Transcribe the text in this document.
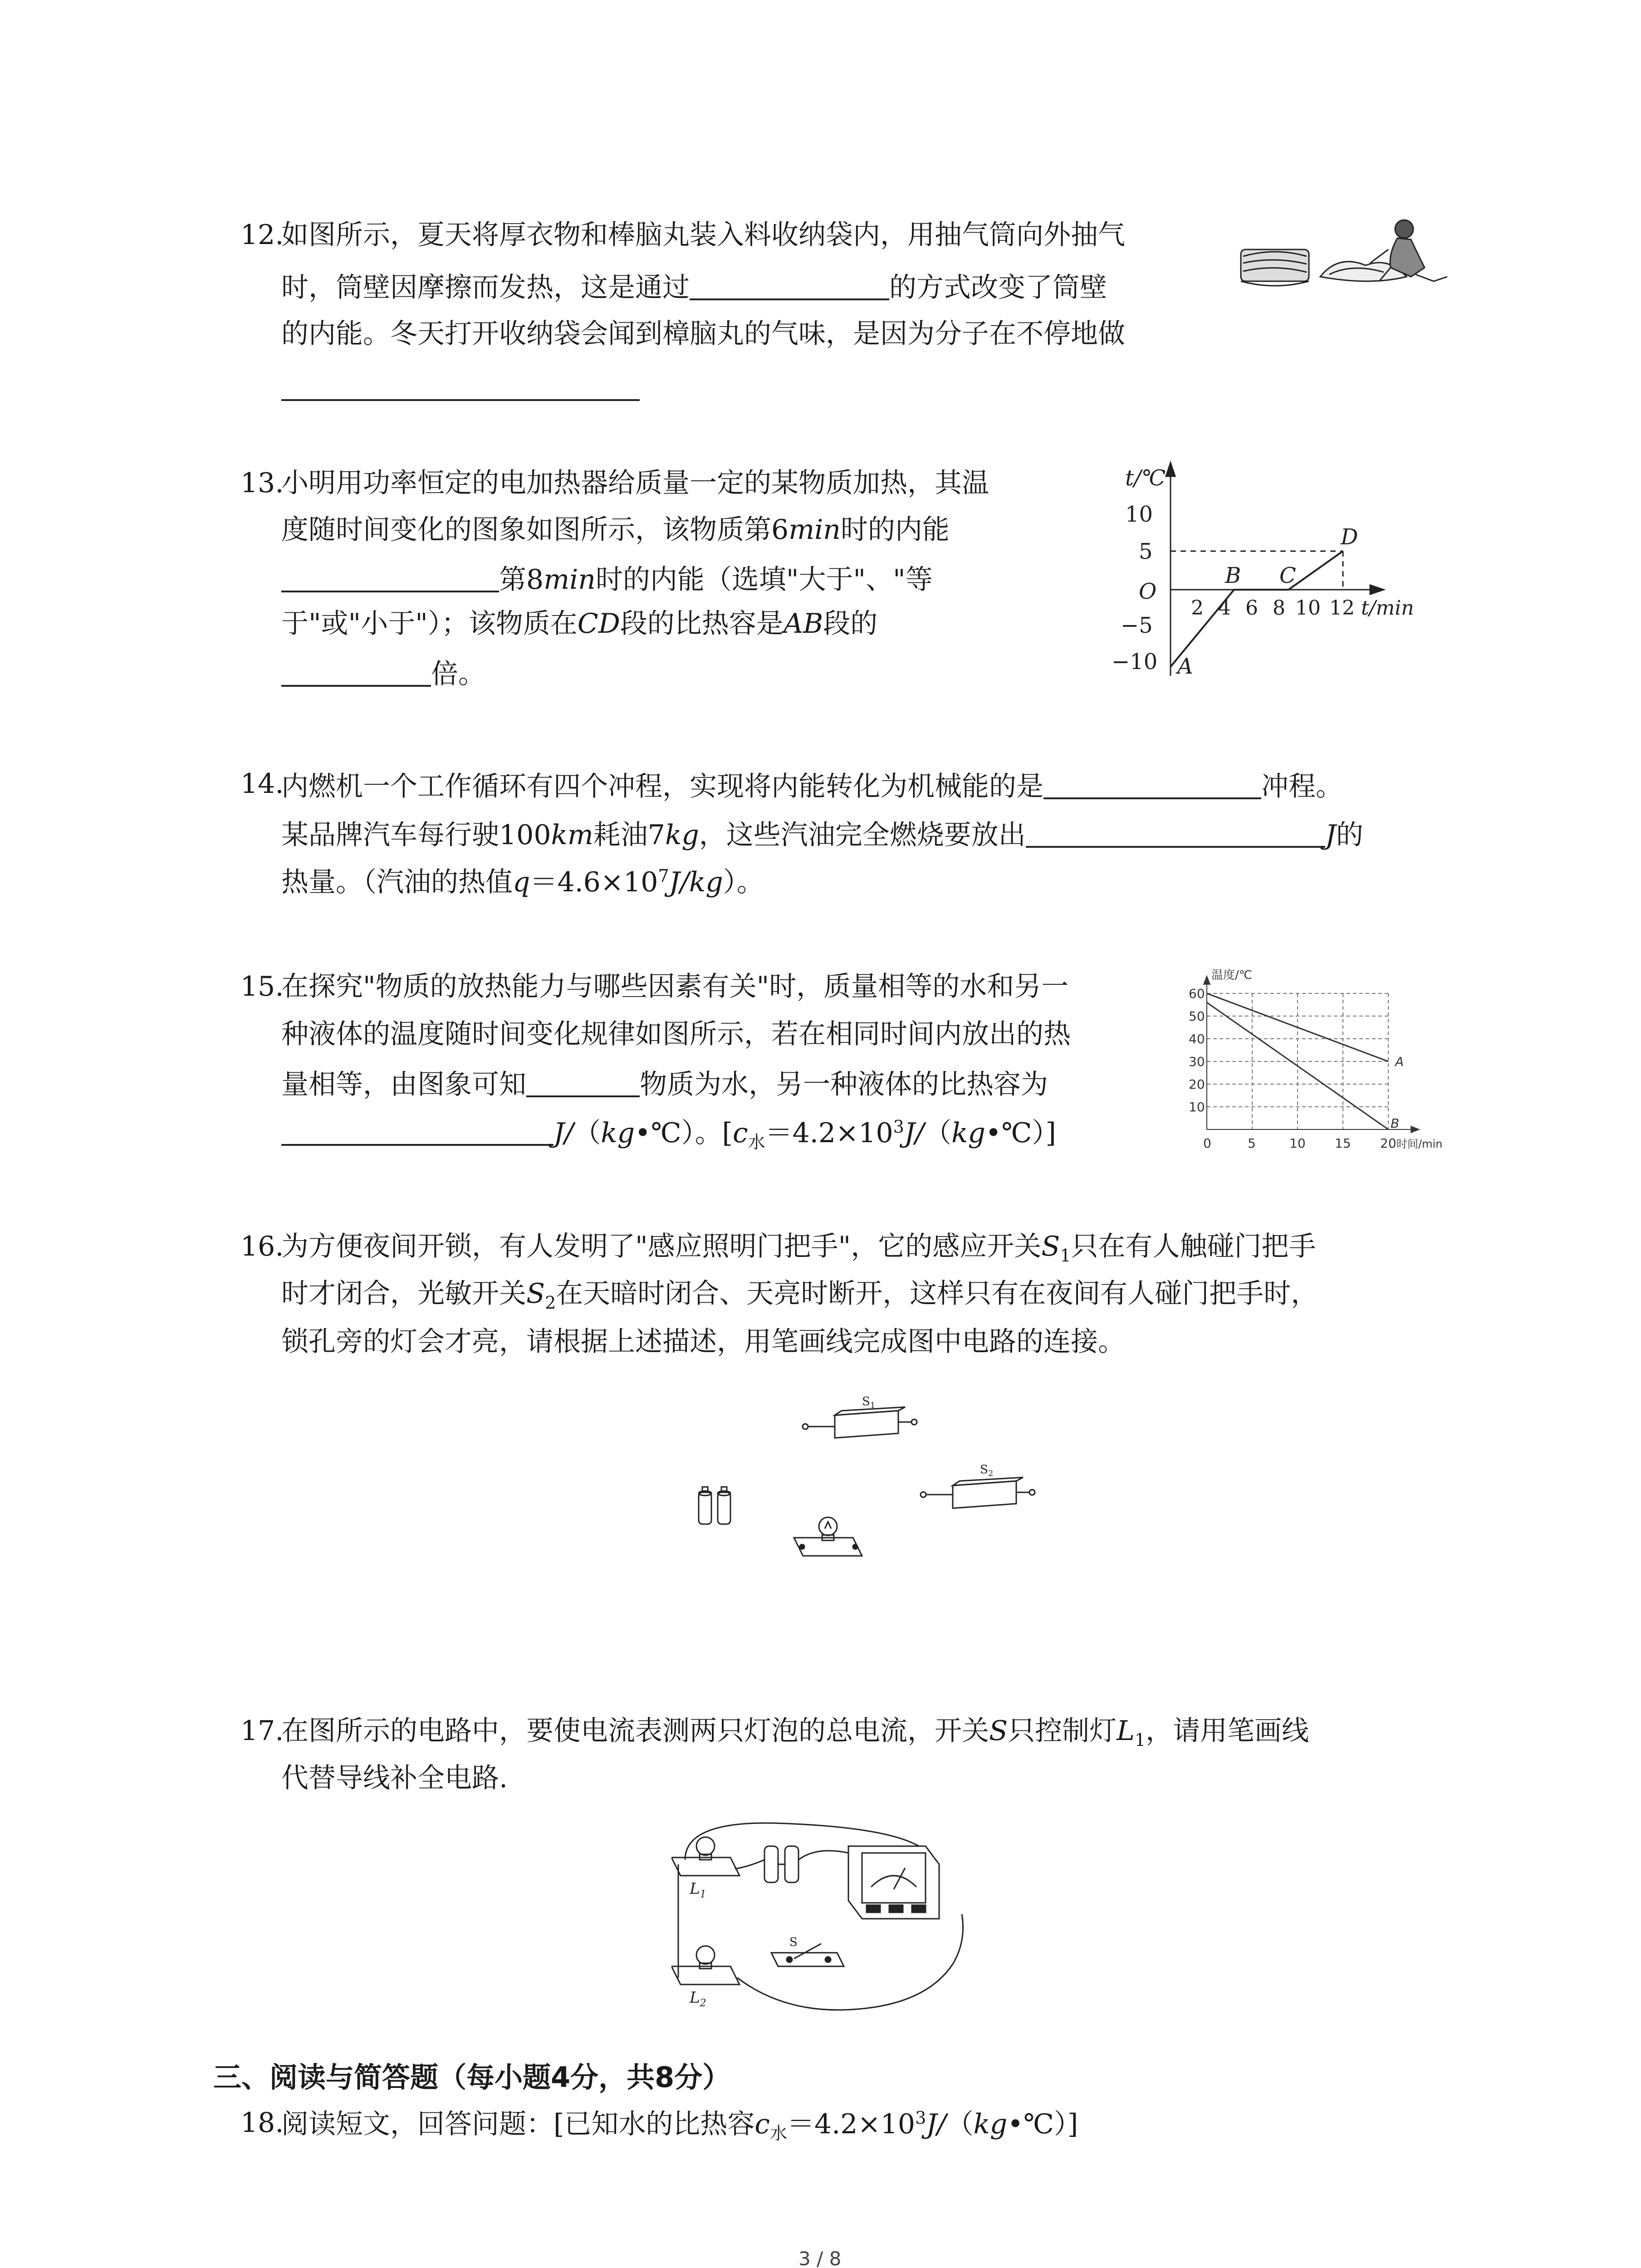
12.
如图所示，夏天将厚衣物和棒脑丸装入料收纳袋内，用抽气筒向外抽气
时，筒壁因摩擦而发热，这是通过	的方式改变了筒壁
的内能。冬天打开收纳袋会闻到樟脑丸的气味，是因为分子在不停地做
13.
小明用功率恒定的电加热器给质量一定的某物质加热，其温
度随时间变化的图象如图所示，该物质第6min时的内能
第8min时的内能（选填"大于"、"等
于"或"小于"）；该物质在CD段的比热容是AB段的
倍。
t/℃
10
5
O
−5
−10
2 4 6 8 10 12 t/min
A
B C
D
14.
内燃机一个工作循环有四个冲程，实现将内能转化为机械能的是	冲程。
某品牌汽车每行驶100km耗油7kg，这些汽油完全燃烧要放出	J的
热量。（汽油的热值$q=4.6\times 10^7J/kg$）。
15.
在探究"物质的放热能力与哪些因素有关"时，质量相等的水和另一
种液体的温度随时间变化规律如图所示，若在相同时间内放出的热
量相等，由图象可知	物质为水，另一种液体的比热容为
J/（kg•℃）。$[c_水=4.2\times 10^3J/(kg•℃)]$
温度/℃
60
50
40
30
20
10
0	5	10 15 20 时间/min
A
B
16.
为方便夜间开锁，有人发明了"感应照明门把手"，它的感应开关$S_1$只在有人触碰门把手
时才闭合，光敏开关$S_2$在天暗时闭合、天亮时断开，这样只有在夜间有人碰门把手时，
锁孔旁的灯会才亮，请根据上述描述，用笔画线完成图中电路的连接。
$S_1$
$S_2$
17.
在图所示的电路中，要使电流表测两只灯泡的总电流，开关S只控制灯$L_1$，请用笔画线
代替导线补全电路.
$L_1$
$L_2$
S
三、阅读与简答题（每小题4分，共8分）
18.
阅读短文，回答问题：[已知水的比热容$c_水=4.2\times 10^3J/(kg•℃)$]
3 / 8
